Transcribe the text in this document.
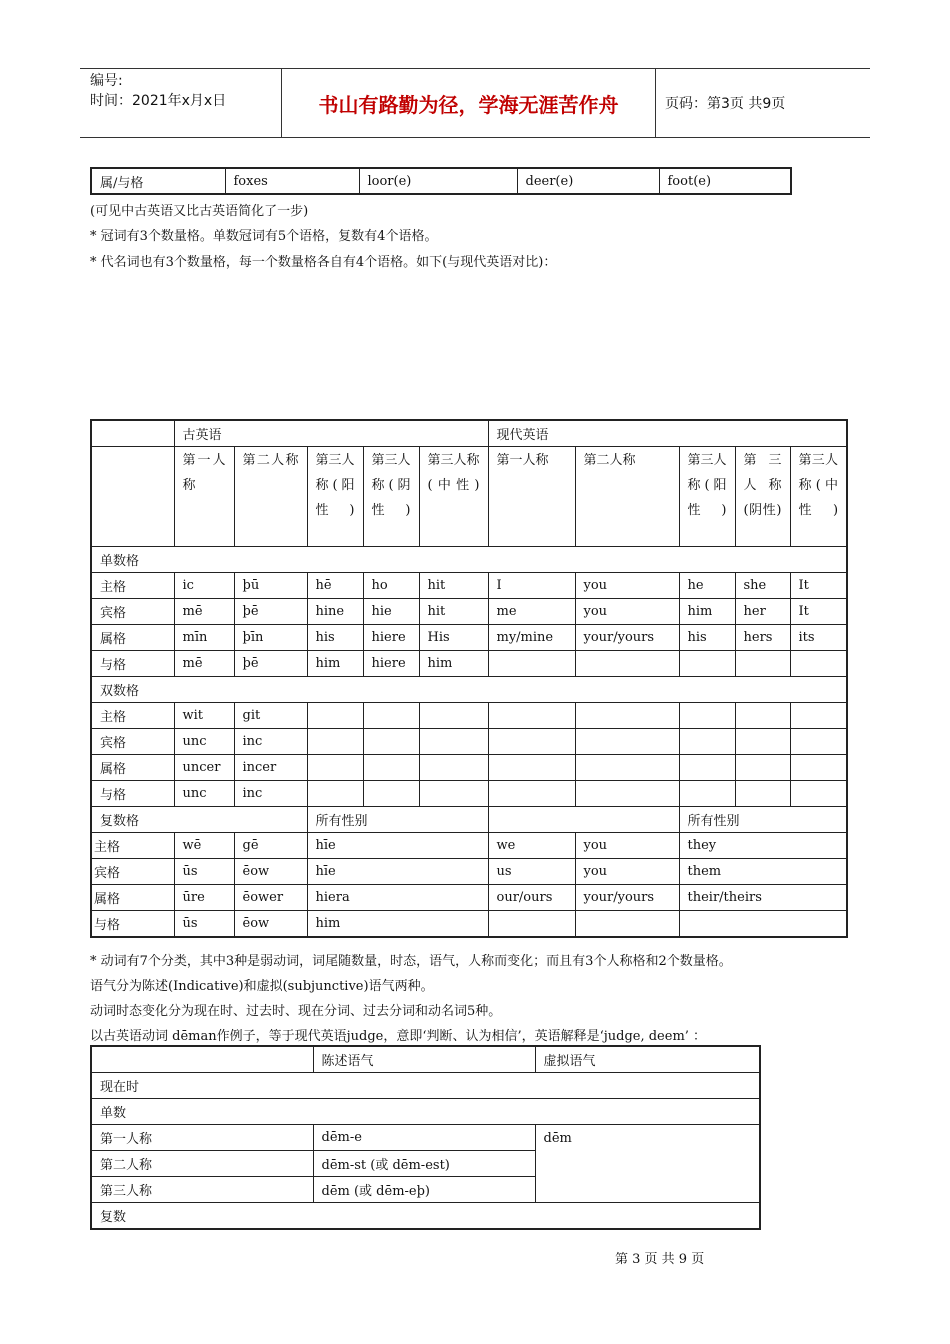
编号:
时间：2021年x月x日	书山有路勤为径，学海无涯苦作舟	页码：第3页 共9页
属/与格	foxes	loor(e)	deer(e)	foot(e)
(可见中古英语又比古英语简化了一步)
* 冠词有3个数量格。单数冠词有5个语格，复数有4个语格。
* 代名词也有3个数量格，每一个数量格各自有4个语格。如下(与现代英语对比)：
	古英语					现代英语				
	第一人称	第二人称	第三人称(阳性)	第三人称(阴性)	第三人称(中性)	第一人称	第二人称	第三人称(阳性)	第三人称(阴性)	第三人称(中性)
单数格										
主格	ic	þū	hē	ho	hit	I	you	he	she	It
宾格	mē	þē	hine	hie	hit	me	you	him	her	It
属格	mīn	þīn	his	hiere	His	my/mine	your/yours	his	hers	its
与格	mē	þē	him	hiere	him					
双数格										
主格	wit	git								
宾格	unc	inc								
属格	uncer	incer								
与格	unc	inc								
复数格			所有性别					所有性别		
主格	wē	gē	hīe			we	you	they		
宾格	ūs	ēow	hīe			us	you	them		
属格	ūre	ēower	hiera			our/ours	your/yours	their/theirs		
与格	ūs	ēow	him							
* 动词有7个分类，其中3种是弱动词，词尾随数量，时态，语气，人称而变化；而且有3个人称格和2个数量格。
语气分为陈述(Indicative)和虚拟(subjunctive)语气两种。
动词时态变化分为现在时、过去时、现在分词、过去分词和动名词5种。
以古英语动词 dēman作例子，等于现代英语judge，意即‘判断、认为相信’，英语解释是‘judge, deem’ ：
	陈述语气	虚拟语气
现在时		
单数		
第一人称	dēm-e	dēm
第二人称	dēm-st (或 dēm-est)	
第三人称	dēm (或 dēm-eþ)	
复数		
第 3 页 共 9 页
